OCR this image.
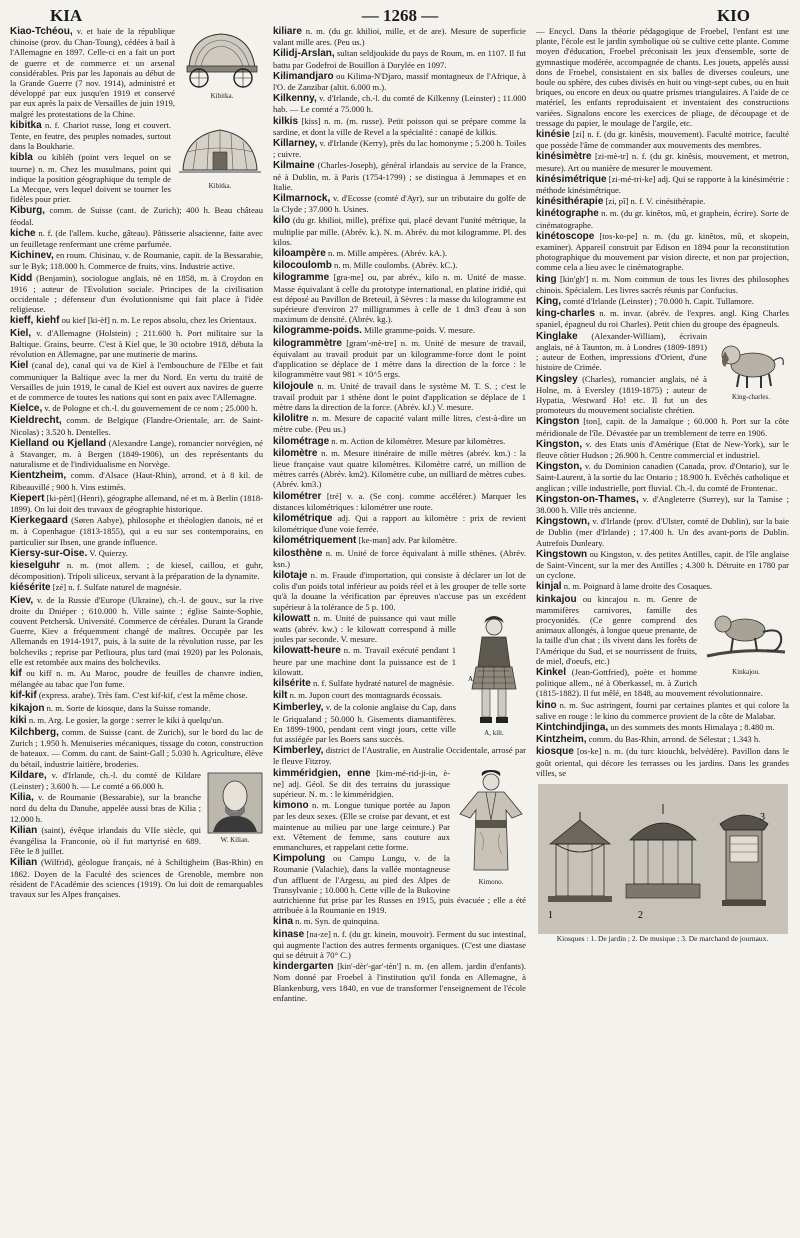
KIA	— 1268 —	KIO
Kibitka.

Kiao-Tchéou, v. et baie de la république chinoise (prov. du Chan-Toung), cédées à bail à l'Allemagne en 1897. Celle-ci en a fait un port de guerre et de commerce et un arsenal considérables. Pris par les Japonais au début de la Grande Guerre (7 nov. 1914), administré et développé par eux jusqu'en 1919 et conservé par eux après la paix de Versailles de juin 1919, malgré les protestations de la Chine.

Kibitka.

kibitka n. f. Chariot russe, long et couvert. Tente, en feutre, des peuples nomades, surtout dans la Boukharie.

kibla ou kibléh (point vers lequel on se tourne) n. m. Chez les musulmans, point qui indique la position géographique du temple de La Mecque, vers lequel doivent se tourner les fidèles pour prier.

Kiburg, comm. de Suisse (cant. de Zurich); 400 h. Beau château féodal.

kiche n. f. (de l'allem. kuche, gâteau). Pâtisserie alsacienne, faite avec un feuilletage renfermant une crème parfumée.

Kichinev, en roum. Chisinau, v. de Roumanie, capit. de la Bessarabie, sur le Byk; 118.000 h. Commerce de fruits, vins. Industrie active.

Kidd (Benjamin), sociologue anglais, né en 1858, m. à Croydon en 1916 ; auteur de l'Evolution sociale. Principes de la civilisation occidentale ; défenseur d'un évolutionnisme qui fait place à l'idée religieuse.

kieff, kiehf ou kief [ki-èf] n. m. Le repos absolu, chez les Orientaux.

Kiel, v. d'Allemagne (Holstein) ; 211.600 h. Port militaire sur la Baltique. Grains, beurre. C'est à Kiel que, le 30 octobre 1918, débuta la révolution en Allemagne, par une mutinerie de marins.

Kiel (canal de), canal qui va de Kiel à l'embouchure de l'Elbe et fait communiquer la Baltique avec la mer du Nord. En vertu du traité de Versailles de juin 1919, le canal de Kiel est ouvert aux navires de guerre et de commerce de toutes les nations qui sont en paix avec l'Allemagne.

Kielce, v. de Pologne et ch.-l. du gouvernement de ce nom ; 25.000 h.

Kieldrecht, comm. de Belgique (Flandre-Orientale, arr. de Saint-Nicolas) ; 3.520 h. Dentelles.

Kielland ou Kjelland (Alexandre Lange), romancier norvégien, né à Stavanger, m. à Bergen (1849-1906), un des représentants du naturalisme et de l'individualisme en Norvège.

Kientzheim, comm. d'Alsace (Haut-Rhin), arrond. et à 8 kil. de Ribeauvillé ; 900 h. Vins estimés.

Kiepert [ki-pèrt] (Henri), géographe allemand, né et m. à Berlin (1818-1899). On lui doit des travaux de géographie historique.

Kierkegaard (Søren Aabye), philosophe et théologien danois, né et m. à Copenhague (1813-1855), qui a eu sur ses contemporains, en particulier sur Ibsen, une grande influence.

Kiersy-sur-Oise. V. Quierzy.

kieselguhr n. m. (mot allem. ; de kiesel, caillou, et guhr, décomposition). Tripoli siliceux, servant à la préparation de la dynamite.

kiésérite [zé] n. f. Sulfate naturel de magnésie.

Kiev, v. de la Russie d'Europe (Ukraine), ch.-l. de gouv., sur la rive droite du Dniéper ; 610.000 h. Ville sainte ; église Sainte-Sophie, couvent Petchersk. Université. Commerce de céréales. Durant la Grande Guerre, Kiev a fréquemment changé de maîtres. Occupée par les Allemands en 1914-1917, puis, à la suite de la révolution russe, par les bolcheviks ; reprise par Petlioura, plus tard (mai 1920) par les Polonais, elle est retombée aux mains des bolcheviks.

kif ou kiff n. m. Au Maroc, poudre de feuilles de chanvre indien, mélangée au tabac que l'on fume.

kif-kif (express. arabe). Très fam. C'est kif-kif, c'est la même chose.

kikajon n. m. Sorte de kiosque, dans la Suisse romande.

kiki n. m. Arg. Le gosier, la gorge : serrer le kiki à quelqu'un.

Kilchberg, comm. de Suisse (cant. de Zurich), sur le bord du lac de Zurich ; 1.950 h. Menuiseries mécaniques, tissage du coton, construction de bateaux. — Comm. du cant. de Saint-Gall ; 5.030 h. Agriculture, élève du bétail, industrie laitière, broderies.

W. Kilian.

Kildare, v. d'Irlande, ch.-l. du comté de Kildare (Leinster) ; 3.600 h. — Le comté a 66.000 h.

Kilia, v. de Roumanie (Bessarabie), sur la branche nord du delta du Danube, appelée aussi bras de Kilia ; 12.000 h.

Kilian (saint), évêque irlandais du VIIe siècle, qui évangélisa la Franconie, où il fut martyrisé en 689. Fête le 8 juillet.

Kilian (Wilfrid), géologue français, né à Schiltigheim (Bas-Rhin) en 1862. Doyen de la Faculté des sciences de Grenoble, membre non résident de l'Académie des sciences (1919). On lui doit de remarquables travaux sur les Alpes françaises.

kiliare n. m. (du gr. khilioi, mille, et de are). Mesure de superficie valant mille ares. (Peu us.)

Kilidj-Arslan, sultan seldjoukide du pays de Roum, m. en 1107. Il fut battu par Godefroi de Bouillon à Dorylée en 1097.

Kilimandjaro ou Kilima-N'Djaro, massif montagneux de l'Afrique, à l'O. de Zanzibar (altit. 6.000 m.).

Kilkenny, v. d'Irlande, ch.-l. du comté de Kilkenny (Leinster) ; 11.000 hab. — Le comté a 75.000 h.

kilkis [kiss] n. m. (m. russe). Petit poisson qui se prépare comme la sardine, et dont la ville de Revel a la spécialité : canapé de kilkis.

Killarney, v. d'Irlande (Kerry), près du lac homonyme ; 5.200 h. Toiles ; cuivre.

Kilmaine (Charles-Joseph), général irlandais au service de la France, né à Dublin, m. à Paris (1754-1799) ; se distingua à Jemmapes et en Italie.

Kilmarnock, v. d'Ecosse (comté d'Ayr), sur un tributaire du golfe de la Clyde ; 37.000 h. Usines.

kilo (du gr. khilioi, mille), préfixe qui, placé devant l'unité métrique, la multiplie par mille. (Abrév. k.). N. m. Abrév. du mot kilogramme. Pl. des kilos.

kiloampère n. m. Mille ampères. (Abrév. kA.).

kilocoulomb n. m. Mille coulombs. (Abrév. kC.).

kilogramme [gra-me] ou, par abrév., kilo n. m. Unité de masse. Masse équivalant à celle du prototype international, en platine iridié, qui est déposé au Pavillon de Breteuil, à Sèvres : la masse du kilogramme est supérieure d'environ 27 milligrammes à celle de 1 dm3 d'eau à son maximum de densité. (Abrév. kg.).

kilogramme-poids. Mille gramme-poids. V. mesure.

kilogrammètre [gram'-mè-tre] n. m. Unité de mesure de travail, équivalant au travail produit par un kilogramme-force dont le point d'application se déplace de 1 mètre dans la direction de la force : le kilogrammètre vaut 981 × 10^5 ergs.

kilojoule n. m. Unité de travail dans le système M. T. S. ; c'est le travail produit par 1 sthène dont le point d'application se déplace de 1 mètre dans la direction de la force. (Abrév. kJ.) V. mesure.

kilolitre n. m. Mesure de capacité valant mille litres, c'est-à-dire un mètre cube. (Peu us.)

kilométrage n. m. Action de kilométrer. Mesure par kilomètres.

kilomètre n. m. Mesure itinéraire de mille mètres (abrév. km.) : la lieue française vaut quatre kilomètres. Kilomètre carré, un million de mètres carrés (Abrév. km2). Kilomètre cube, un milliard de mètres cubes. (Abrév. km3.)

kilométrer [tré] v. a. (Se conj. comme accélérer.) Marquer les distances kilométriques : kilométrer une route.

kilométrique adj. Qui a rapport au kilomètre : prix de revient kilométrique d'une voie ferrée.

kilométriquement [ke-man] adv. Par kilomètre.

kilosthène n. m. Unité de force équivalant à mille sthènes. (Abrév. ksn.)

kilotaje n. m. Fraude d'importation, qui consiste à déclarer un lot de colis d'un poids total inférieur au poids réel et à les grouper de telle sorte qu'à la douane la vérification par épreuves n'accuse pas un excédent supérieur à la tolérance de 5 p. 100.

A
A, kilt.

kilowatt n. m. Unité de puissance qui vaut mille watts (abrév. kw.) : le kilowatt correspond à mille joules par seconde. V. mesure.

kilowatt-heure n. m. Travail exécuté pendant 1 heure par une machine dont la puissance est de 1 kilowatt.

kilsérite n. f. Sulfate hydraté naturel de magnésie.

kilt n. m. Jupon court des montagnards écossais.

Kimberley, v. de la colonie anglaise du Cap, dans le Griqualand ; 50.000 h. Gisements diamantifères. En 1899-1900, pendant cent vingt jours, cette ville fut assiégée par les Boers sans succès.

Kimberley, district de l'Australie, en Australie Occidentale, arrosé par le fleuve Fitzroy.

Kimono.

kimméridgien, enne [kim-mé-rid-ji-in, è-ne] adj. Géol. Se dit des terrains du jurassique supérieur. N. m. : le kimméridgien.

kimono n. m. Longue tunique portée au Japon par les deux sexes. (Elle se croise par devant, et est maintenue au milieu par une large ceinture.) Par ext. Vêtement de femme, sans couture aux emmanchures, et rappelant cette forme.

Kimpolung ou Campu Lungu, v. de la Roumanie (Valachie), dans la vallée montagneuse d'un affluent de l'Argesu, au pied des Alpes de Transylvanie ; 10.000 h. Cette ville de la Bukovine autrichienne fut prise par les Russes en 1915, puis évacuée ; elle a été attribuée à la Roumanie en 1919.

kina n. m. Syn. de quinquina.

kinase [na-ze] n. f. (du gr. kinein, mouvoir). Ferment du suc intestinal, qui augmente l'action des autres ferments organiques. (C'est une diastase qui se détruit à 70° C.)

kindergarten [kin'-dèr'-gar'-tèn'] n. m. (en allem. jardin d'enfants). Nom donné par Froebel à l'institution qu'il fonda en Allemagne, à Blankenburg, vers 1840, en vue de transformer l'enseignement de l'école enfantine.

— Encycl. Dans la théorie pédagogique de Froebel, l'enfant est une plante, l'école est le jardin symbolique où se cultive cette plante. Comme moyen d'éducation, Froebel préconisait les jeux d'ensemble, sorte de gymnastique modérée, accompagnée de chants. Les jouets, appelés aussi dons de Froebel, consistaient en six balles de diverses couleurs, une boule ou sphère, des cubes divisés en huit ou vingt-sept cubes, ou en huit briques, ou encore en deux ou quatre prismes triangulaires. A l'aide de ce matériel, les enfants reproduisaient et inventaient des constructions variées. Signalons encore les exercices de pliage, de découpage et de tressage du papier, le moulage de l'argile, etc.

kinésie [zi] n. f. (du gr. kinêsis, mouvement). Faculté motrice, faculté que possède l'âme de commander aux mouvements des membres.

kinésimètre [zi-mè-tr] n. f. (du gr. kinêsis, mouvement, et metron, mesure). Art ou manière de mesurer le mouvement.

kinésimétrique [zi-mé-tri-ke] adj. Qui se rapporte à la kinésimétrie : méthode kinésimétrique.

kinésithérapie [zi, pî] n. f. V. cinésithérapie.

kinétographe n. m. (du gr. kinêtos, mû, et graphein, écrire). Sorte de cinématographe.

kinétoscope [tos-ko-pe] n. m. (du gr. kinêtos, mû, et skopein, examiner). Appareil construit par Edison en 1894 pour la reconstitution photographique du mouvement par vision directe, et non par projection, comme cela a lieu avec le cinématographe.

king [kin'gh'] n. m. Nom commun de tous les livres des philosophes chinois. Spécialem. Les livres sacrés réunis par Confucius.

King, comté d'Irlande (Leinster) ; 70.000 h. Capit. Tullamore.

king-charles n. m. invar. (abrév. de l'expres. angl. King Charles spaniel, épagneul du roi Charles). Petit chien du groupe des épagneuls.

King-charles.

Kinglake (Alexander-William), écrivain anglais, né à Taunton, m. à Londres (1809-1891) ; auteur de Eothen, impressions d'Orient, d'une histoire de Crimée.

Kingsley (Charles), romancier anglais, né à Holne, m. à Eversley (1819-1875) ; auteur de Hypatia, Westward Ho! etc. Il fut un des promoteurs du mouvement socialiste chrétien.

Kingston [ton], capit. de la Jamaïque ; 60.000 h. Port sur la côte méridionale de l'île. Dévastée par un tremblement de terre en 1906.

Kingston, v. des Etats unis d'Amérique (Etat de New-York), sur le fleuve côtier Hudson ; 26.900 h. Centre commercial et industriel.

Kingston, v. du Dominion canadien (Canada, prov. d'Ontario), sur le Saint-Laurent, à la sortie du lac Ontario ; 18.900 h. Evêchés catholique et anglican ; ville industrielle, port fluvial. Ch.-l. du comté de Frontenac.

Kingston-on-Thames, v. d'Angleterre (Surrey), sur la Tamise ; 38.000 h. Ville très ancienne.

Kingstown, v. d'Irlande (prov. d'Ulster, comté de Dublin), sur la baie de Dublin (mer d'Irlande) ; 17.400 h. Un des avant-ports de Dublin. Autrefois Dunleary.

Kingstown ou Kingston, v. des petites Antilles, capit. de l'île anglaise de Saint-Vincent, sur la mer des Antilles ; 4.300 h. Détruite en 1780 par un cyclone.

kinjal n. m. Poignard à lame droite des Cosaques.

Kinkajou.

kinkajou ou kincajou n. m. Genre de mammifères carnivores, famille des procyonidés. (Ce genre comprend des animaux allongés, à longue queue prenante, de la taille d'un chat ; ils vivent dans les forêts de l'Amérique du Sud, et se nourrissent de fruits, de miel, d'oeufs, etc.)

Kinkel (Jean-Gottfried), poète et homme politique allem., né à Oberkassel, m. à Zurich (1815-1882). Il fut mêlé, en 1848, au mouvement révolutionnaire.

kino n. m. Suc astringent, fourni par certaines plantes et qui colore la salive en rouge : le kino du commerce provient de la côte de Malabar.

Kintchindjinga, un des sommets des monts Himalaya ; 8.480 m.

Kintzheim, comm. du Bas-Rhin, arrond. de Sélestat ; 1.343 h.

kiosque [os-ke] n. m. (du turc kiouchk, belvédère). Pavillon dans le goût oriental, qui décore les terrasses ou les jardins. Dans les grandes villes, se

1	2
3
Kiosques : 1. De jardin ; 2. De musique ; 3. De marchand de journaux.
